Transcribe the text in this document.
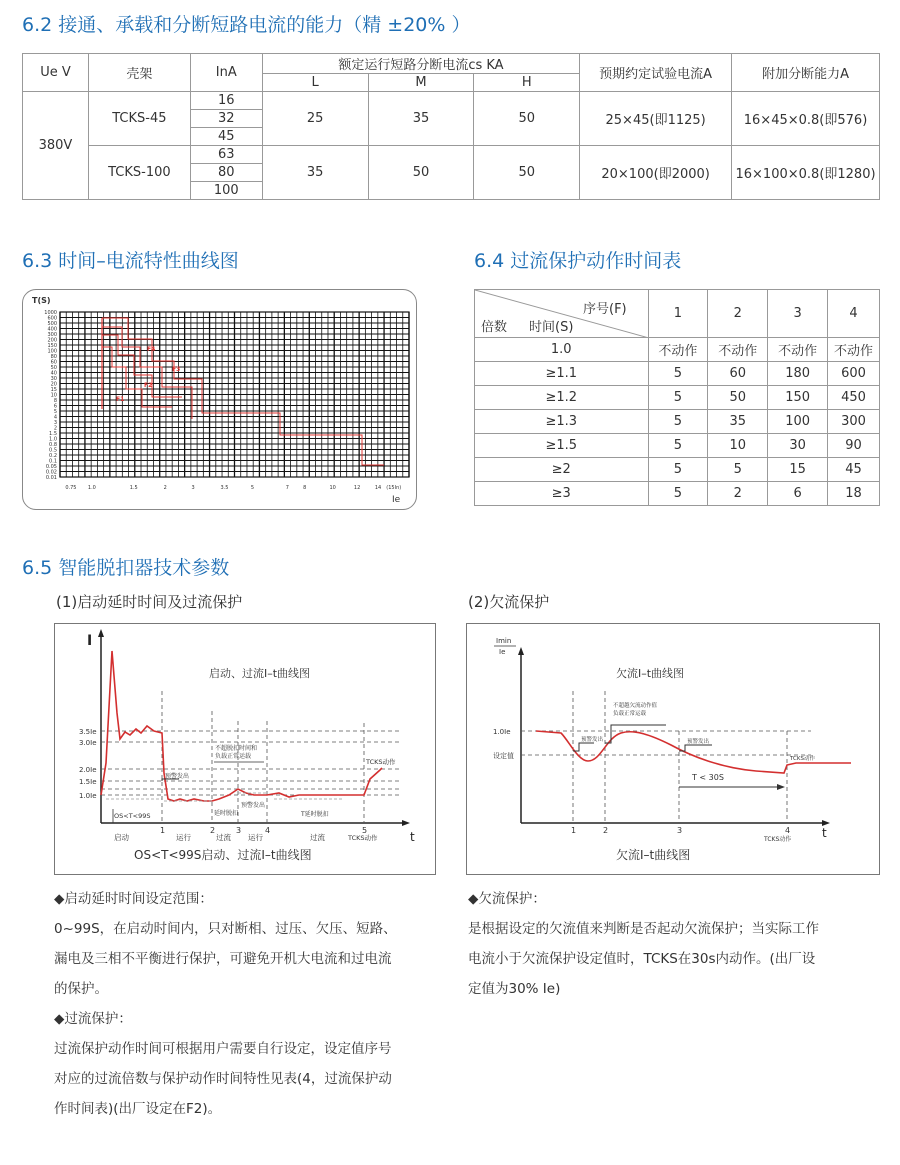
6.2 接通、承载和分断短路电流的能力（精 ±20% ）
Ue V	壳架	InA	额定运行短路分断电流cs KA			预期约定试验电流A	附加分断能力A
			L	M	H		
380V	TCKS-45	16	25	35	50	25×45(即1125)	16×45×0.8(即576)
		32					
		45					
	TCKS-100	63	35	50	50	20×100(即2000)	16×100×0.8(即1280)
		80					
		100					
6.3 时间–电流特性曲线图
T(S)
Ie
1000
600
500
400
300
200
150
100
80
60
50
40
30
20
15
10
8
6
5
4
3
2
1.5
1.0
0.8
0.5
0.2
0.1
0.05
0.02
0.01
0.75 1.0	1.5	2	3	3.5	5	7	8	10	12	14 (15In)
F4
F3
F2
F1
6.4 过流保护动作时间表
序号(F)
时间(S)
倍数	1	2	3	4
1.0	不动作	不动作	不动作	不动作
≥1.1	5	60	180	600
≥1.2	5	50	150	450
≥1.3	5	35	100	300
≥1.5	5	10	30	90
≥2	5	5	15	45
≥3	5	2	6	18
6.5 智能脱扣器技术参数
(1)启动延时时间及过流保护	(2)欠流保护
I
t
启动、过流I–t曲线图
3.5Ie
3.0Ie
2.0Ie
1.5Ie
1.0Ie
OS<T<99S
预警发出
不超脱扣时间和
负载正常运载
TCKS动作
T延时脱扣
延时脱扣
预警发出
1	2	3	4	5
启动	运行	过流 运行	过流	TCKS动作
OS<T<99S启动、过流I–t曲线图
Imin
Ie
t
欠流I–t曲线图
1.0Ie
设定值
预警发出
不超越欠流动作值
负载正常运载
预警发出
T < 30S
TCKS动作
1	2	3	4
TCKS动作
欠流I–t曲线图
◆启动延时时间设定范围：
0~99S，在启动时间内，只对断相、过压、欠压、短路、
漏电及三相不平衡进行保护，可避免开机大电流和过电流
的保护。
◆过流保护：
过流保护动作时间可根据用户需要自行设定，设定值序号
对应的过流倍数与保护动作时间特性见表(4，过流保护动
作时间表)(出厂设定在F2)。
◆欠流保护：
是根据设定的欠流值来判断是否起动欠流保护；当实际工作
电流小于欠流保护设定值时，TCKS在30s内动作。(出厂设
定值为30% Ie)
